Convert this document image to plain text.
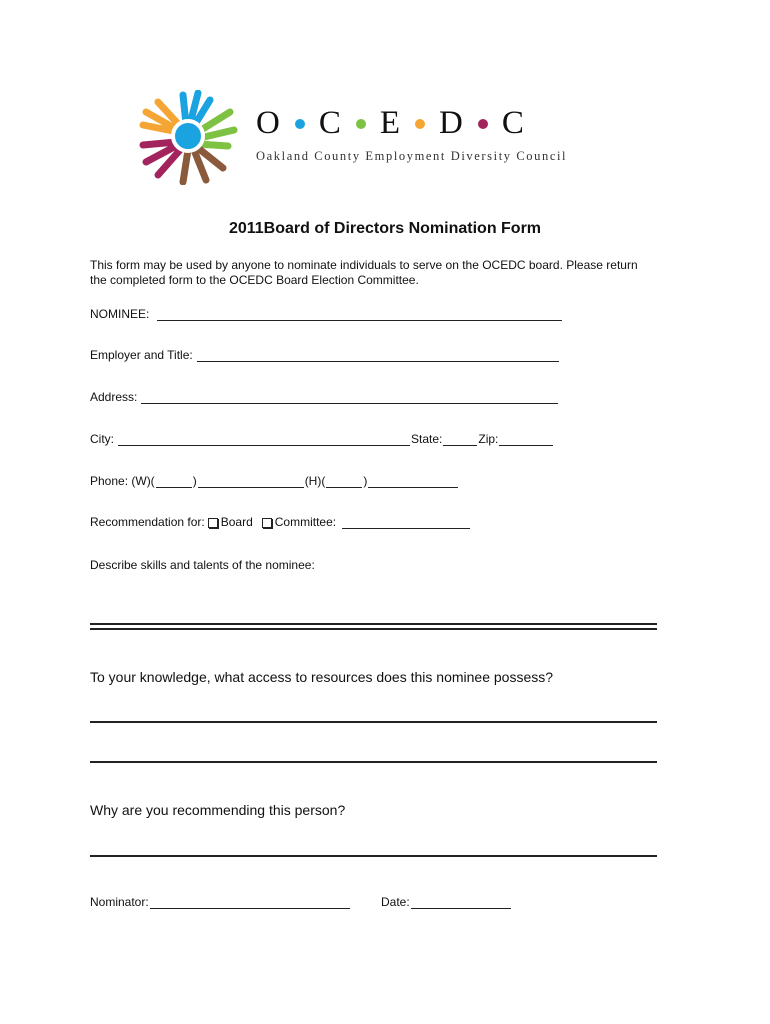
O C E D C
Oakland County Employment Diversity Council
2011Board of Directors Nomination Form
This form may be used by anyone to nominate individuals to serve on the OCEDC board. Please return
the completed form to the OCEDC Board Election Committee.
NOMINEE:
Employer and Title:
Address:
City:	State:	Zip:
Phone: (W)(	)	(H)(	)
Recommendation for: Board Committee:
Describe skills and talents of the nominee:
To your knowledge, what access to resources does this nominee possess?
Why are you recommending this person?
Nominator:	Date:
